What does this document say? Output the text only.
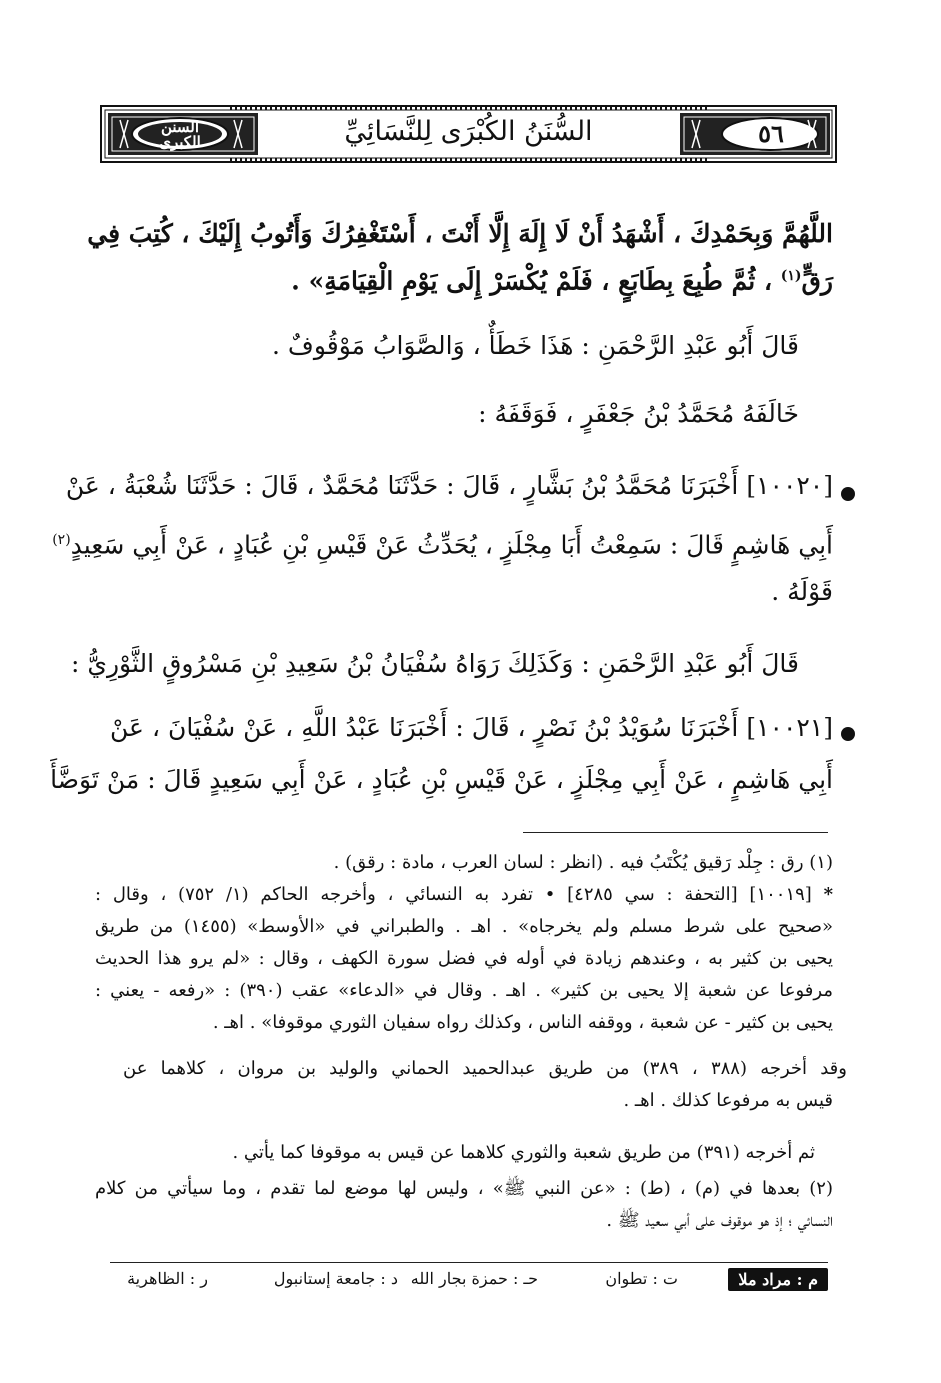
السنن الكبرى	السُّنَنُ الكُبْرَى لِلنَّسَائِيِّ	٥٦
اللَّهُمَّ وَبِحَمْدِكَ ، أَشْهَدُ أَنْ لَا إِلَهَ إِلَّا أَنْتَ ، أَسْتَغْفِرُكَ وَأَتُوبُ إِلَيْكَ ، كُتِبَ فِي
رَقٍّ$^{(١)}$ ، ثُمَّ طُبِعَ بِطَابَعٍ ، فَلَمْ يُكْسَرْ إِلَى يَوْمِ الْقِيَامَةِ» .
قَالَ أَبُو عَبْدِ الرَّحْمَنِ : هَذَا خَطَأٌ ، وَالصَّوَابُ مَوْقُوفٌ .
خَالَفَهُ مُحَمَّدُ بْنُ جَعْفَرٍ ، فَوَقَفَهُ :
[١٠٠٢٠] أَخْبَرَنَا مُحَمَّدُ بْنُ بَشَّارٍ ، قَالَ : حَدَّثَنَا مُحَمَّدٌ ، قَالَ : حَدَّثَنَا شُعْبَةُ ، عَنْ
أَبِي هَاشِمٍ قَالَ : سَمِعْتُ أَبَا مِجْلَزٍ ، يُحَدِّثُ عَنْ قَيْسِ بْنِ عُبَادٍ ، عَنْ أَبِي سَعِيدٍ$^{(٢)}$
قَوْلَهُ .
قَالَ أَبُو عَبْدِ الرَّحْمَنِ : وَكَذَلِكَ رَوَاهُ سُفْيَانُ بْنُ سَعِيدِ بْنِ مَسْرُوقٍ الثَّوْرِيُّ :
[١٠٠٢١] أَخْبَرَنَا سُوَيْدُ بْنُ نَصْرٍ ، قَالَ : أَخْبَرَنَا عَبْدُ اللَّهِ ، عَنْ سُفْيَانَ ، عَنْ
أَبِي هَاشِمٍ ، عَنْ أَبِي مِجْلَزٍ ، عَنْ قَيْسِ بْنِ عُبَادٍ ، عَنْ أَبِي سَعِيدٍ قَالَ : مَنْ تَوَضَّأَ
(١) رق : جِلْد رَقيق يُكْتَبُ فيه . (انظر : لسان العرب ، مادة : رقق) .
* [١٠٠١٩] [التحفة : سي ٤٢٨٥] • تفرد به النسائي ، وأخرجه الحاكم (١/ ٧٥٢) ، وقال :
«صحيح على شرط مسلم ولم يخرجاه» . اهـ . والطبراني في «الأوسط» (١٤٥٥) من طريق
يحيى بن كثير به ، وعندهم زيادة في أوله في فضل سورة الكهف ، وقال : «لم يرو هذا الحديث
مرفوعا عن شعبة إلا يحيى بن كثير» . اهـ . وقال في «الدعاء» عقب (٣٩٠) : «رفعه - يعني :
يحيى بن كثير - عن شعبة ، ووقفه الناس ، وكذلك رواه سفيان الثوري موقوفا» . اهـ .
وقد أخرجه (٣٨٨ ، ٣٨٩) من طريق عبدالحميد الحماني والوليد بن مروان ، كلاهما عن
قيس به مرفوعا كذلك . اهـ .
ثم أخرجه (٣٩١) من طريق شعبة والثوري كلاهما عن قيس به موقوفا كما يأتي .
(٢) بعدها في (م) ، (ط) : «عن النبي ﷺ» ، وليس لها موضع لما تقدم ، وما سيأتي من كلام
النسائي ؛ إذ هو موقوف على أبي سعيد ﷺ .
م : مراد ملا
ت : تطوان
حـ : حمزة بجار الله
د : جامعة إستانبول
ر : الظاهرية
